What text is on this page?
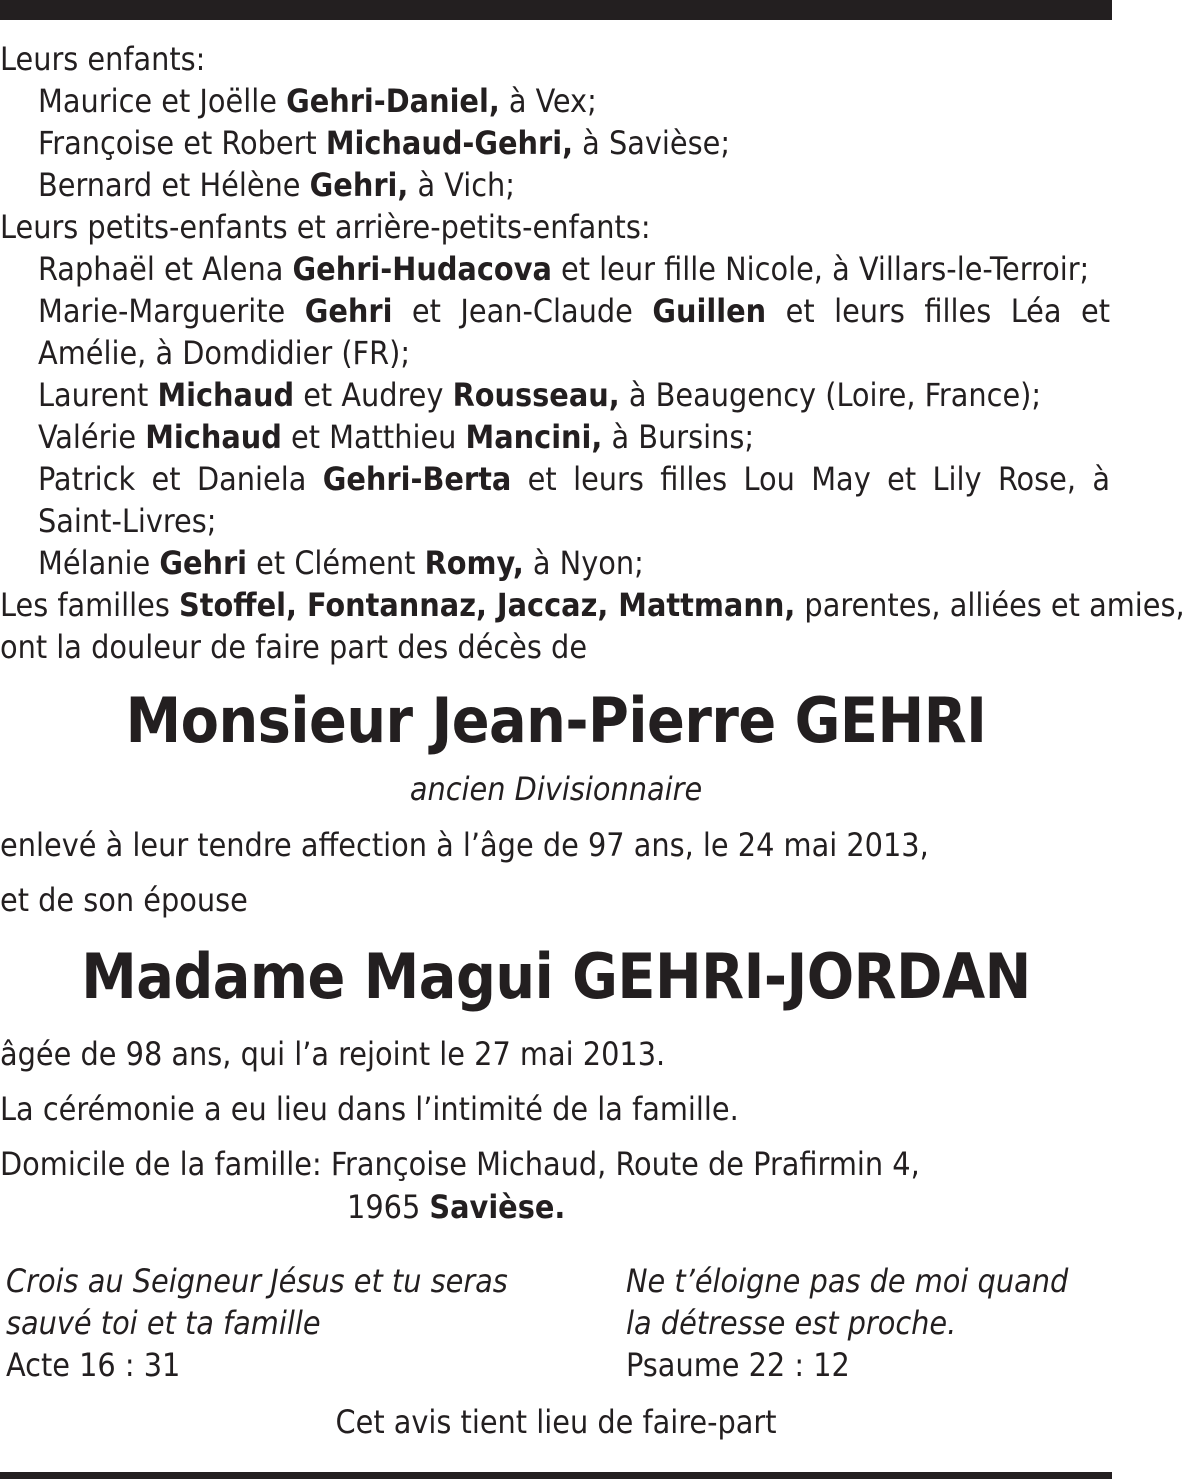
Leurs enfants:
Maurice et Joëlle Gehri-Daniel, à Vex;
Françoise et Robert Michaud-Gehri, à Savièse;
Bernard et Hélène Gehri, à Vich;
Leurs petits-enfants et arrière-petits-enfants:
Raphaël et Alena Gehri-Hudacova et leur fille Nicole, à Villars-le-Terroir;
Marie-Marguerite Gehri et Jean-Claude Guillen et leurs filles Léa et Amélie, à Domdidier (FR);
Laurent Michaud et Audrey Rousseau, à Beaugency (Loire, France);
Valérie Michaud et Matthieu Mancini, à Bursins;
Patrick et Daniela Gehri-Berta et leurs filles Lou May et Lily Rose, à Saint-Livres;
Mélanie Gehri et Clément Romy, à Nyon;
Les familles Stoffel, Fontannaz, Jaccaz, Mattmann, parentes, alliées et amies,
ont la douleur de faire part des décès de
Monsieur Jean-Pierre GEHRI
ancien Divisionnaire
enlevé à leur tendre affection à l’âge de 97 ans, le 24 mai 2013,
et de son épouse
Madame Magui GEHRI-JORDAN
âgée de 98 ans, qui l’a rejoint le 27 mai 2013.
La cérémonie a eu lieu dans l’intimité de la famille.
Domicile de la famille: Françoise Michaud, Route de Prafirmin 4,
1965 Savièse.
Crois au Seigneur Jésus et tu seras
sauvé toi et ta famille
Acte 16 : 31
Ne t’éloigne pas de moi quand
la détresse est proche.
Psaume 22 : 12
Cet avis tient lieu de faire-part
